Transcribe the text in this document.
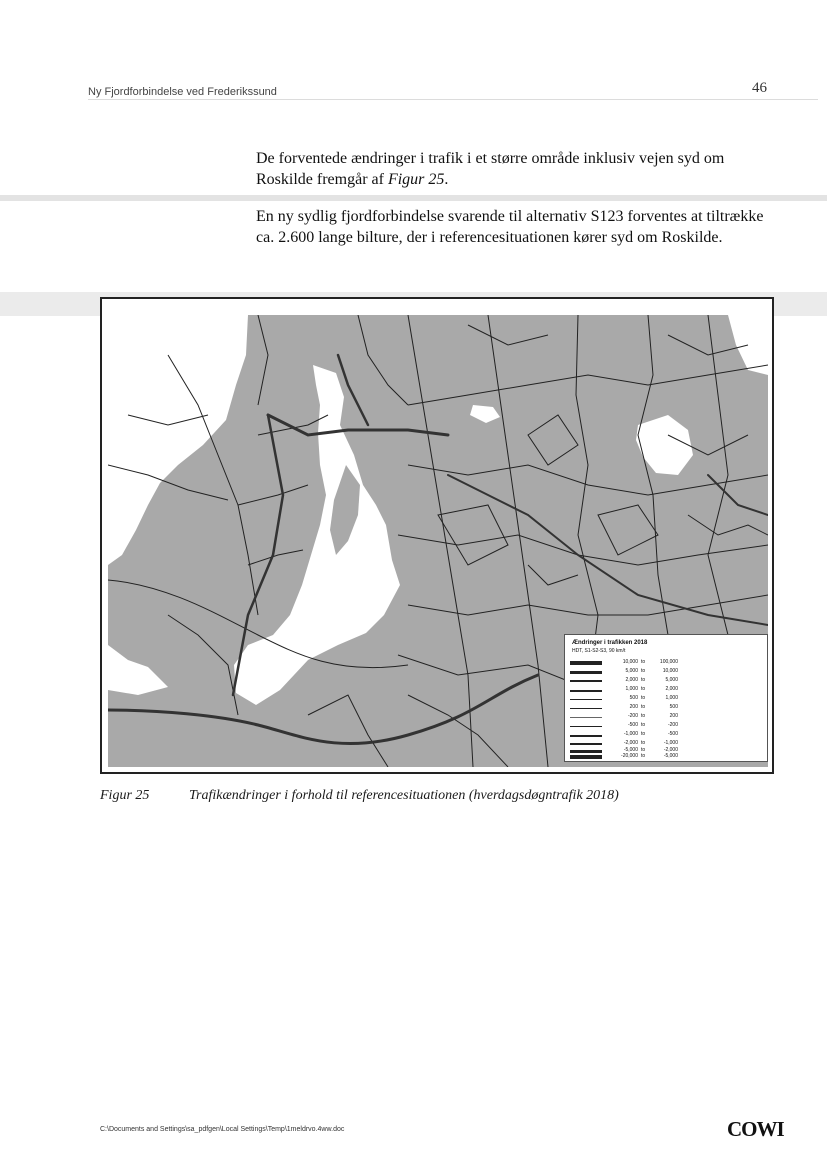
Ny Fjordforbindelse ved Frederikssund	46
De forventede ændringer i trafik i et større område inklusiv vejen syd om Roskilde fremgår af Figur 25.
En ny sydlig fjordforbindelse svarende til alternativ S123 forventes at tiltrække ca. 2.600 lange bilture, der i referencesituationen kører syd om Roskilde.
Ændringer i trafikken 2018
HDT, S1-S2-S3, 90 km/t
10,000 to	100,000
5,000 to	10,000
2,000 to	5,000
1,000 to	2,000
500 to	1,000
200 to	500
-200 to	200
-500 to	-200
-1,000 to	-500
-2,000 to	-1,000
-5,000 to	-2,000
-20,000 to	-5,000
Figur 25	Trafikændringer i forhold til referencesituationen (hverdagsdøgntrafik 2018)
C:\Documents and Settings\sa_pdfgen\Local Settings\Temp\1meldrvo.4ww.doc	COWI
